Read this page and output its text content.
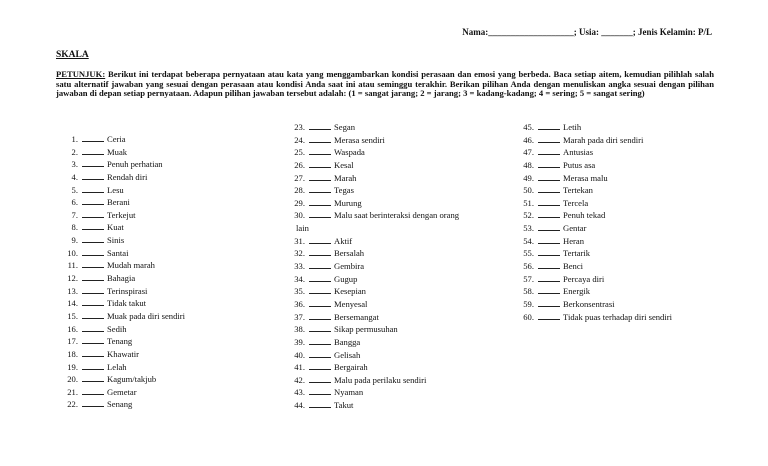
Nama:___________________; Usia: _______; Jenis Kelamin: P/L
SKALA
PETUNJUK: Berikut ini terdapat beberapa pernyataan atau kata yang menggambarkan kondisi perasaan dan emosi yang berbeda. Baca setiap aitem, kemudian pilihlah salah satu alternatif jawaban yang sesuai dengan perasaan atau kondisi Anda saat ini atau seminggu terakhir. Berikan pilihan Anda dengan menuliskan angka sesuai dengan pilihan jawaban di depan setiap pernyataan. Adapun pilihan jawaban tersebut adalah: (1 = sangat jarang; 2 = jarang; 3 = kadang-kadang; 4 = sering; 5 = sangat sering)
1.	Ceria
2.	Muak
3.	Penuh perhatian
4.	Rendah diri
5.	Lesu
6.	Berani
7.	Terkejut
8.	Kuat
9.	Sinis
10.	Santai
11.	Mudah marah
12.	Bahagia
13.	Terinspirasi
14.	Tidak takut
15.	Muak pada diri sendiri
16.	Sedih
17.	Tenang
18.	Khawatir
19.	Lelah
20.	Kagum/takjub
21.	Gemetar
22.	Senang
23.	Segan
24.	Merasa sendiri
25.	Waspada
26.	Kesal
27.	Marah
28.	Tegas
29.	Murung
30.	Malu saat berinteraksi dengan orang
lain
31.	Aktif
32.	Bersalah
33.	Gembira
34.	Gugup
35.	Kesepian
36.	Menyesal
37.	Bersemangat
38.	Sikap permusuhan
39.	Bangga
40.	Gelisah
41.	Bergairah
42.	Malu pada perilaku sendiri
43.	Nyaman
44.	Takut
45.	Letih
46.	Marah pada diri sendiri
47.	Antusias
48.	Putus asa
49.	Merasa malu
50.	Tertekan
51.	Tercela
52.	Penuh tekad
53.	Gentar
54.	Heran
55.	Tertarik
56.	Benci
57.	Percaya diri
58.	Energik
59.	Berkonsentrasi
60.	Tidak puas terhadap diri sendiri
